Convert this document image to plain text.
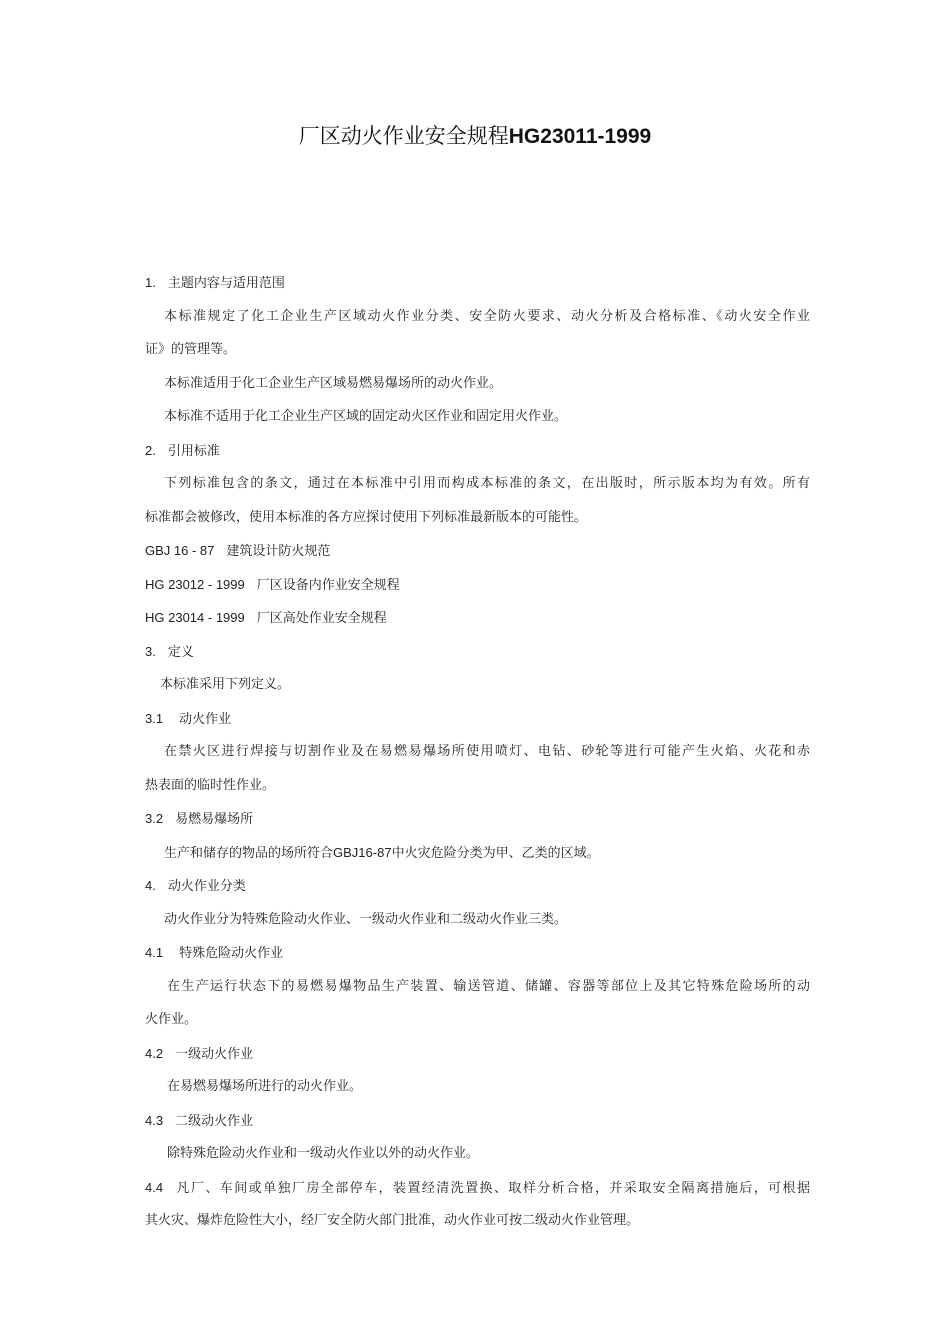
厂区动火作业安全规程HG23011-1999
1. 主题内容与适用范围
本标准规定了化工企业生产区域动火作业分类、安全防火要求、动火分析及合格标准、《动火安全作业
证》的管理等。
本标准适用于化工企业生产区域易燃易爆场所的动火作业。
本标准不适用于化工企业生产区域的固定动火区作业和固定用火作业。
2. 引用标准
下列标准包含的条文，通过在本标准中引用而构成本标准的条文，在出版时，所示版本均为有效。所有
标准都会被修改，使用本标准的各方应探讨使用下列标准最新版本的可能性。
GBJ 16 - 87 建筑设计防火规范
HG 23012 - 1999 厂区设备内作业安全规程
HG 23014 - 1999 厂区高处作业安全规程
3. 定义
本标准采用下列定义。
3.1 动火作业
在禁火区进行焊接与切割作业及在易燃易爆场所使用喷灯、电钻、砂轮等进行可能产生火焰、火花和赤
热表面的临时性作业。
3.2 易燃易爆场所
生产和储存的物品的场所符合GBJ16-87中火灾危险分类为甲、乙类的区域。
4. 动火作业分类
动火作业分为特殊危险动火作业、一级动火作业和二级动火作业三类。
4.1 特殊危险动火作业
在生产运行状态下的易燃易爆物品生产装置、输送管道、储罐、容器等部位上及其它特殊危险场所的动
火作业。
4.2 一级动火作业
在易燃易爆场所进行的动火作业。
4.3 二级动火作业
除特殊危险动火作业和一级动火作业以外的动火作业。
4.4 凡厂、车间或单独厂房全部停车，装置经清洗置换、取样分析合格，并采取安全隔离措施后，可根据
其火灾、爆炸危险性大小，经厂安全防火部门批准，动火作业可按二级动火作业管理。
